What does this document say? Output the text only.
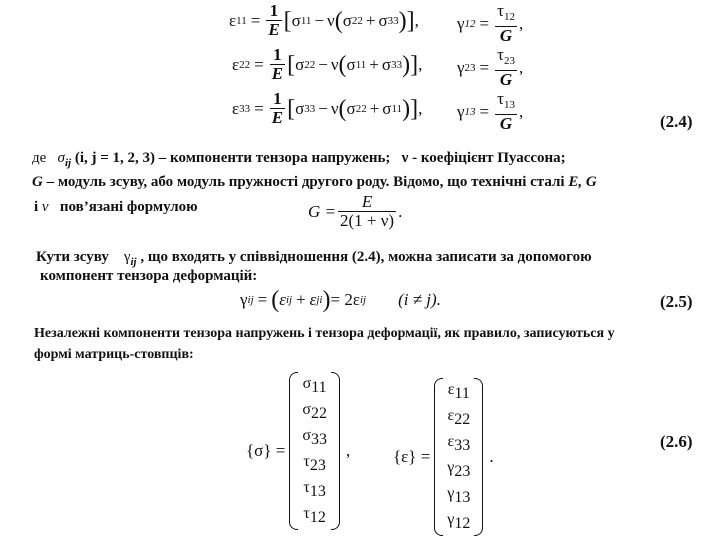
ε $11 = \frac{1}{E}$ [ σ 11 − ν ( σ 22 + σ 33 ) ] , γ $12 = \frac{\tau_{12}}{G}$ ,
ε $22 = \frac{1}{E}$ [ σ 22 − ν ( σ 11 + σ 33 ) ] , γ $23 = \frac{\tau_{23}}{G}$ ,
ε $33 = \frac{1}{E}$ [ σ 33 − ν ( σ 22 + σ 11 ) ] , γ $13 = \frac{\tau_{13}}{G}$ ,
(2.4)
де $\sigma_{ij}$ (i, j = 1, 2, 3) – компоненти тензора напружень; ν - коефіцієнт Пуассона;
G – модуль зсуву, або модуль пружності другого роду. Відомо, що технічні сталі E, G
і ν пов’язані формулою	$G = \frac{E}{2(1 + \nu)}$ .
Кути зсуву $\gamma_{ij}$ , що входять у співвідношення (2.4), можна записати за допомогою
компонент тензора деформацій:
γ ij = ( ε ij + ε ji ) = 2ε ij (i ≠ j).	(2.5)
Незалежні компоненти тензора напружень і тензора деформації, як правило, записуються у
формі матриць-стовпців:
{σ} =
σ11
σ22
σ33
τ23
τ13
τ12
,	{ε} =
ε11
ε22
ε33
γ23
γ13
γ12
.
(2.6)
